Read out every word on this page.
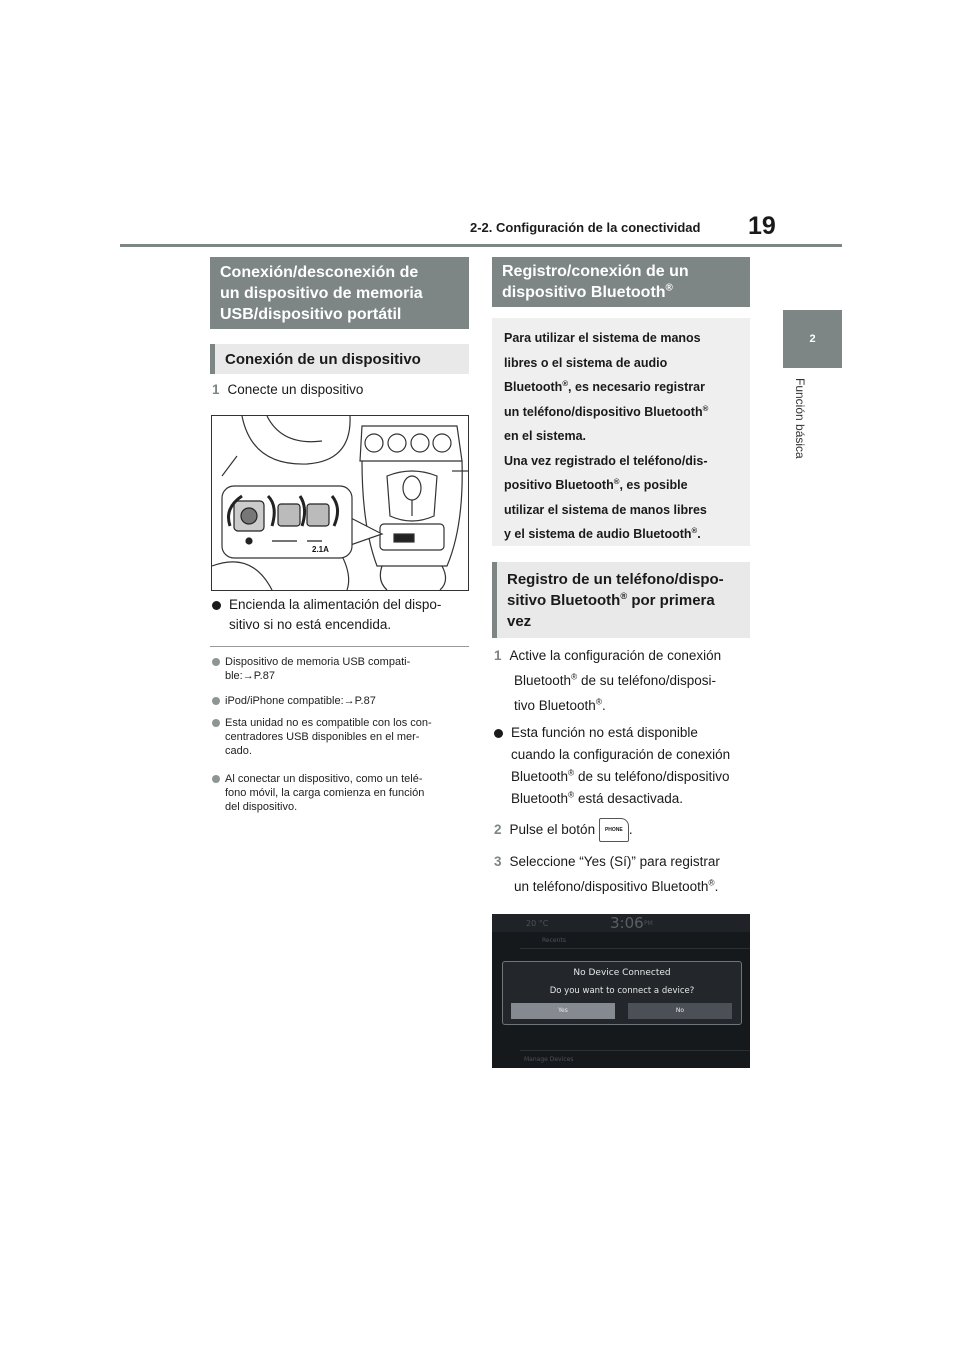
2-2. Configuración de la conectividad 19
2
Función básica
Conexión/desconexión de
un dispositivo de memoria
USB/dispositivo portátil
Conexión de un dispositivo
1 Conecte un dispositivo
2.1A
Encienda la alimentación del dispo-
sitivo si no está encendida.
Dispositivo de memoria USB compati-
ble:→P.87
iPod/iPhone compatible:→P.87
Esta unidad no es compatible con los con-
centradores USB disponibles en el mer-
cado.
Al conectar un dispositivo, como un telé-
fono móvil, la carga comienza en función
del dispositivo.
Registro/conexión de un
dispositivo Bluetooth®
Para utilizar el sistema de manos
libres o el sistema de audio
Bluetooth®, es necesario registrar
un teléfono/dispositivo Bluetooth®
en el sistema.
Una vez registrado el teléfono/dis-
positivo Bluetooth®, es posible
utilizar el sistema de manos libres
y el sistema de audio Bluetooth®.
Registro de un teléfono/dispo-
sitivo Bluetooth® por primera
vez
1 Active la configuración de conexión
Bluetooth® de su teléfono/disposi-
tivo Bluetooth®.
Esta función no está disponible
cuando la configuración de conexión
Bluetooth® de su teléfono/dispositivo
Bluetooth® está desactivada.
2 Pulse el botón PHONE .
3 Seleccione “Yes (Sí)” para registrar
un teléfono/dispositivo Bluetooth®.
20 °C	3:06 PM
Recents
No Device Connected
Do you want to connect a device?
Yes	No
Manage Devices
